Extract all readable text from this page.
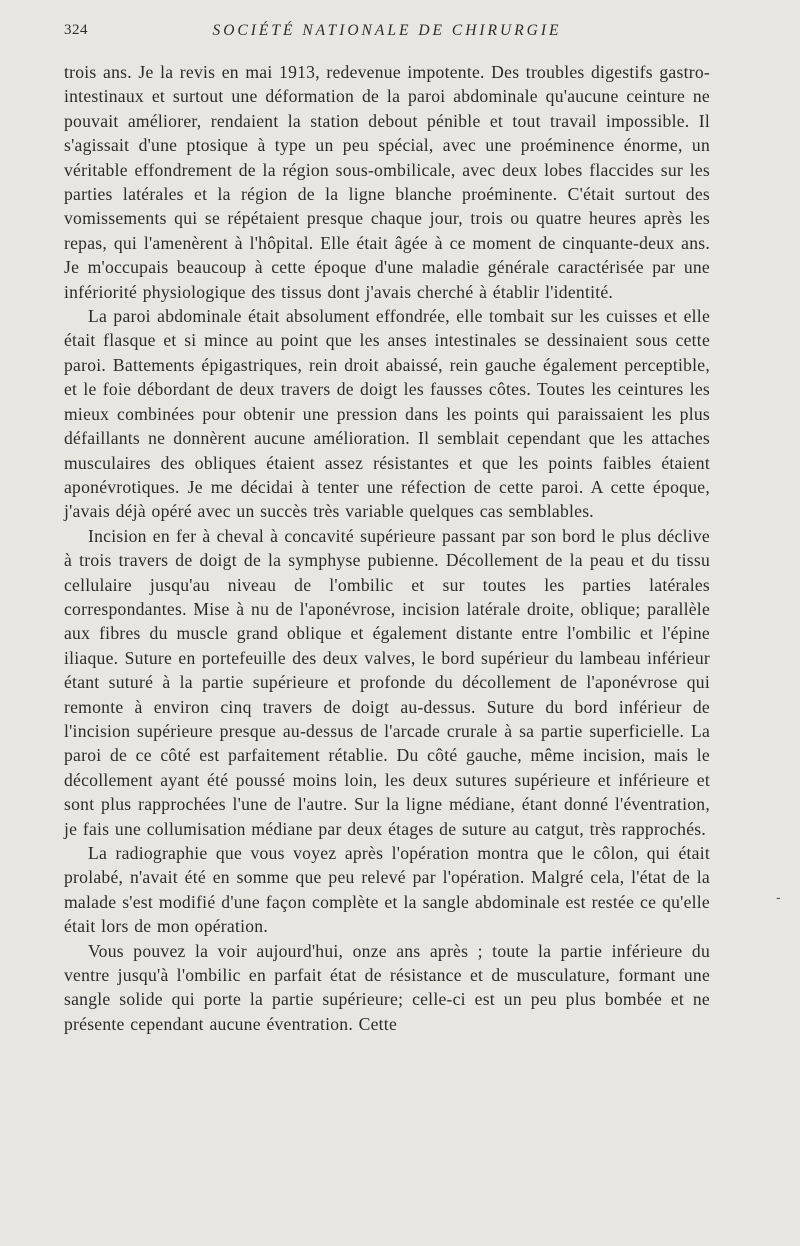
324	SOCIÉTÉ NATIONALE DE CHIRURGIE

trois ans. Je la revis en mai 1913, redevenue impotente. Des troubles digestifs gastro-intestinaux et surtout une déformation de la paroi abdominale qu'aucune ceinture ne pouvait améliorer, rendaient la station debout pénible et tout travail impossible. Il s'agissait d'une ptosique à type un peu spécial, avec une proéminence énorme, un véritable effondrement de la région sous-ombilicale, avec deux lobes flaccides sur les parties latérales et la région de la ligne blanche proéminente. C'était surtout des vomissements qui se répétaient presque chaque jour, trois ou quatre heures après les repas, qui l'amenèrent à l'hôpital. Elle était âgée à ce moment de cinquante-deux ans. Je m'occupais beaucoup à cette époque d'une maladie générale caractérisée par une infériorité physiologique des tissus dont j'avais cherché à établir l'identité.

La paroi abdominale était absolument effondrée, elle tombait sur les cuisses et elle était flasque et si mince au point que les anses intestinales se dessinaient sous cette paroi. Battements épigastriques, rein droit abaissé, rein gauche également perceptible, et le foie débordant de deux travers de doigt les fausses côtes. Toutes les ceintures les mieux combinées pour obtenir une pression dans les points qui paraissaient les plus défaillants ne donnèrent aucune amélioration. Il semblait cependant que les attaches musculaires des obliques étaient assez résistantes et que les points faibles étaient aponévrotiques. Je me décidai à tenter une réfection de cette paroi. A cette époque, j'avais déjà opéré avec un succès très variable quelques cas semblables.

Incision en fer à cheval à concavité supérieure passant par son bord le plus déclive à trois travers de doigt de la symphyse pubienne. Décollement de la peau et du tissu cellulaire jusqu'au niveau de l'ombilic et sur toutes les parties latérales correspondantes. Mise à nu de l'aponévrose, incision latérale droite, oblique; parallèle aux fibres du muscle grand oblique et également distante entre l'ombilic et l'épine iliaque. Suture en portefeuille des deux valves, le bord supérieur du lambeau inférieur étant suturé à la partie supérieure et profonde du décollement de l'aponévrose qui remonte à environ cinq travers de doigt au-dessus. Suture du bord inférieur de l'incision supérieure presque au-dessus de l'arcade crurale à sa partie superficielle. La paroi de ce côté est parfaitement rétablie. Du côté gauche, même incision, mais le décollement ayant été poussé moins loin, les deux sutures supérieure et inférieure et sont plus rapprochées l'une de l'autre. Sur la ligne médiane, étant donné l'éventration, je fais une collumisation médiane par deux étages de suture au catgut, très rapprochés.

La radiographie que vous voyez après l'opération montra que le côlon, qui était prolabé, n'avait été en somme que peu relevé par l'opération. Malgré cela, l'état de la malade s'est modifié d'une façon complète et la sangle abdominale est restée ce qu'elle était lors de mon opération.

Vous pouvez la voir aujourd'hui, onze ans après ; toute la partie inférieure du ventre jusqu'à l'ombilic en parfait état de résistance et de musculature, formant une sangle solide qui porte la partie supérieure; celle-ci est un peu plus bombée et ne présente cependant aucune éventration. Cette

-
